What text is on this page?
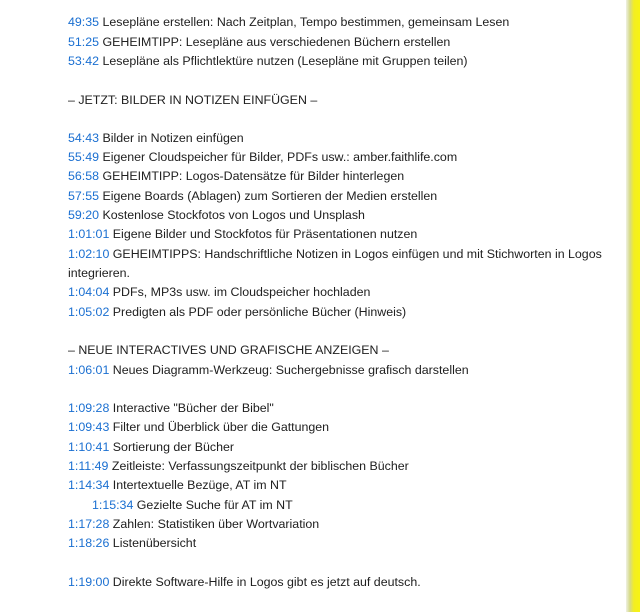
49:35 Lesepläne erstellen: Nach Zeitplan, Tempo bestimmen, gemeinsam Lesen
51:25 GEHEIMTIPP: Lesepläne aus verschiedenen Büchern erstellen
53:42 Lesepläne als Pflichtlektüre nutzen (Lesepläne mit Gruppen teilen)
– JETZT: BILDER IN NOTIZEN EINFÜGEN –
54:43 Bilder in Notizen einfügen
55:49 Eigener Cloudspeicher für Bilder, PDFs usw.: amber.faithlife.com
56:58 GEHEIMTIPP: Logos-Datensätze für Bilder hinterlegen
57:55 Eigene Boards (Ablagen) zum Sortieren der Medien erstellen
59:20 Kostenlose Stockfotos von Logos und Unsplash
1:01:01 Eigene Bilder und Stockfotos für Präsentationen nutzen
1:02:10 GEHEIMTIPPS: Handschriftliche Notizen in Logos einfügen und mit Stichworten in Logos
integrieren.
1:04:04 PDFs, MP3s usw. im Cloudspeicher hochladen
1:05:02 Predigten als PDF oder persönliche Bücher (Hinweis)
– NEUE INTERACTIVES UND GRAFISCHE ANZEIGEN –
1:06:01 Neues Diagramm-Werkzeug: Suchergebnisse grafisch darstellen
1:09:28 Interactive "Bücher der Bibel"
1:09:43 Filter und Überblick über die Gattungen
1:10:41 Sortierung der Bücher
1:11:49 Zeitleiste: Verfassungszeitpunkt der biblischen Bücher
1:14:34 Intertextuelle Bezüge, AT im NT
1:15:34 Gezielte Suche für AT im NT
1:17:28 Zahlen: Statistiken über Wortvariation
1:18:26 Listenübersicht
1:19:00 Direkte Software-Hilfe in Logos gibt es jetzt auf deutsch.
